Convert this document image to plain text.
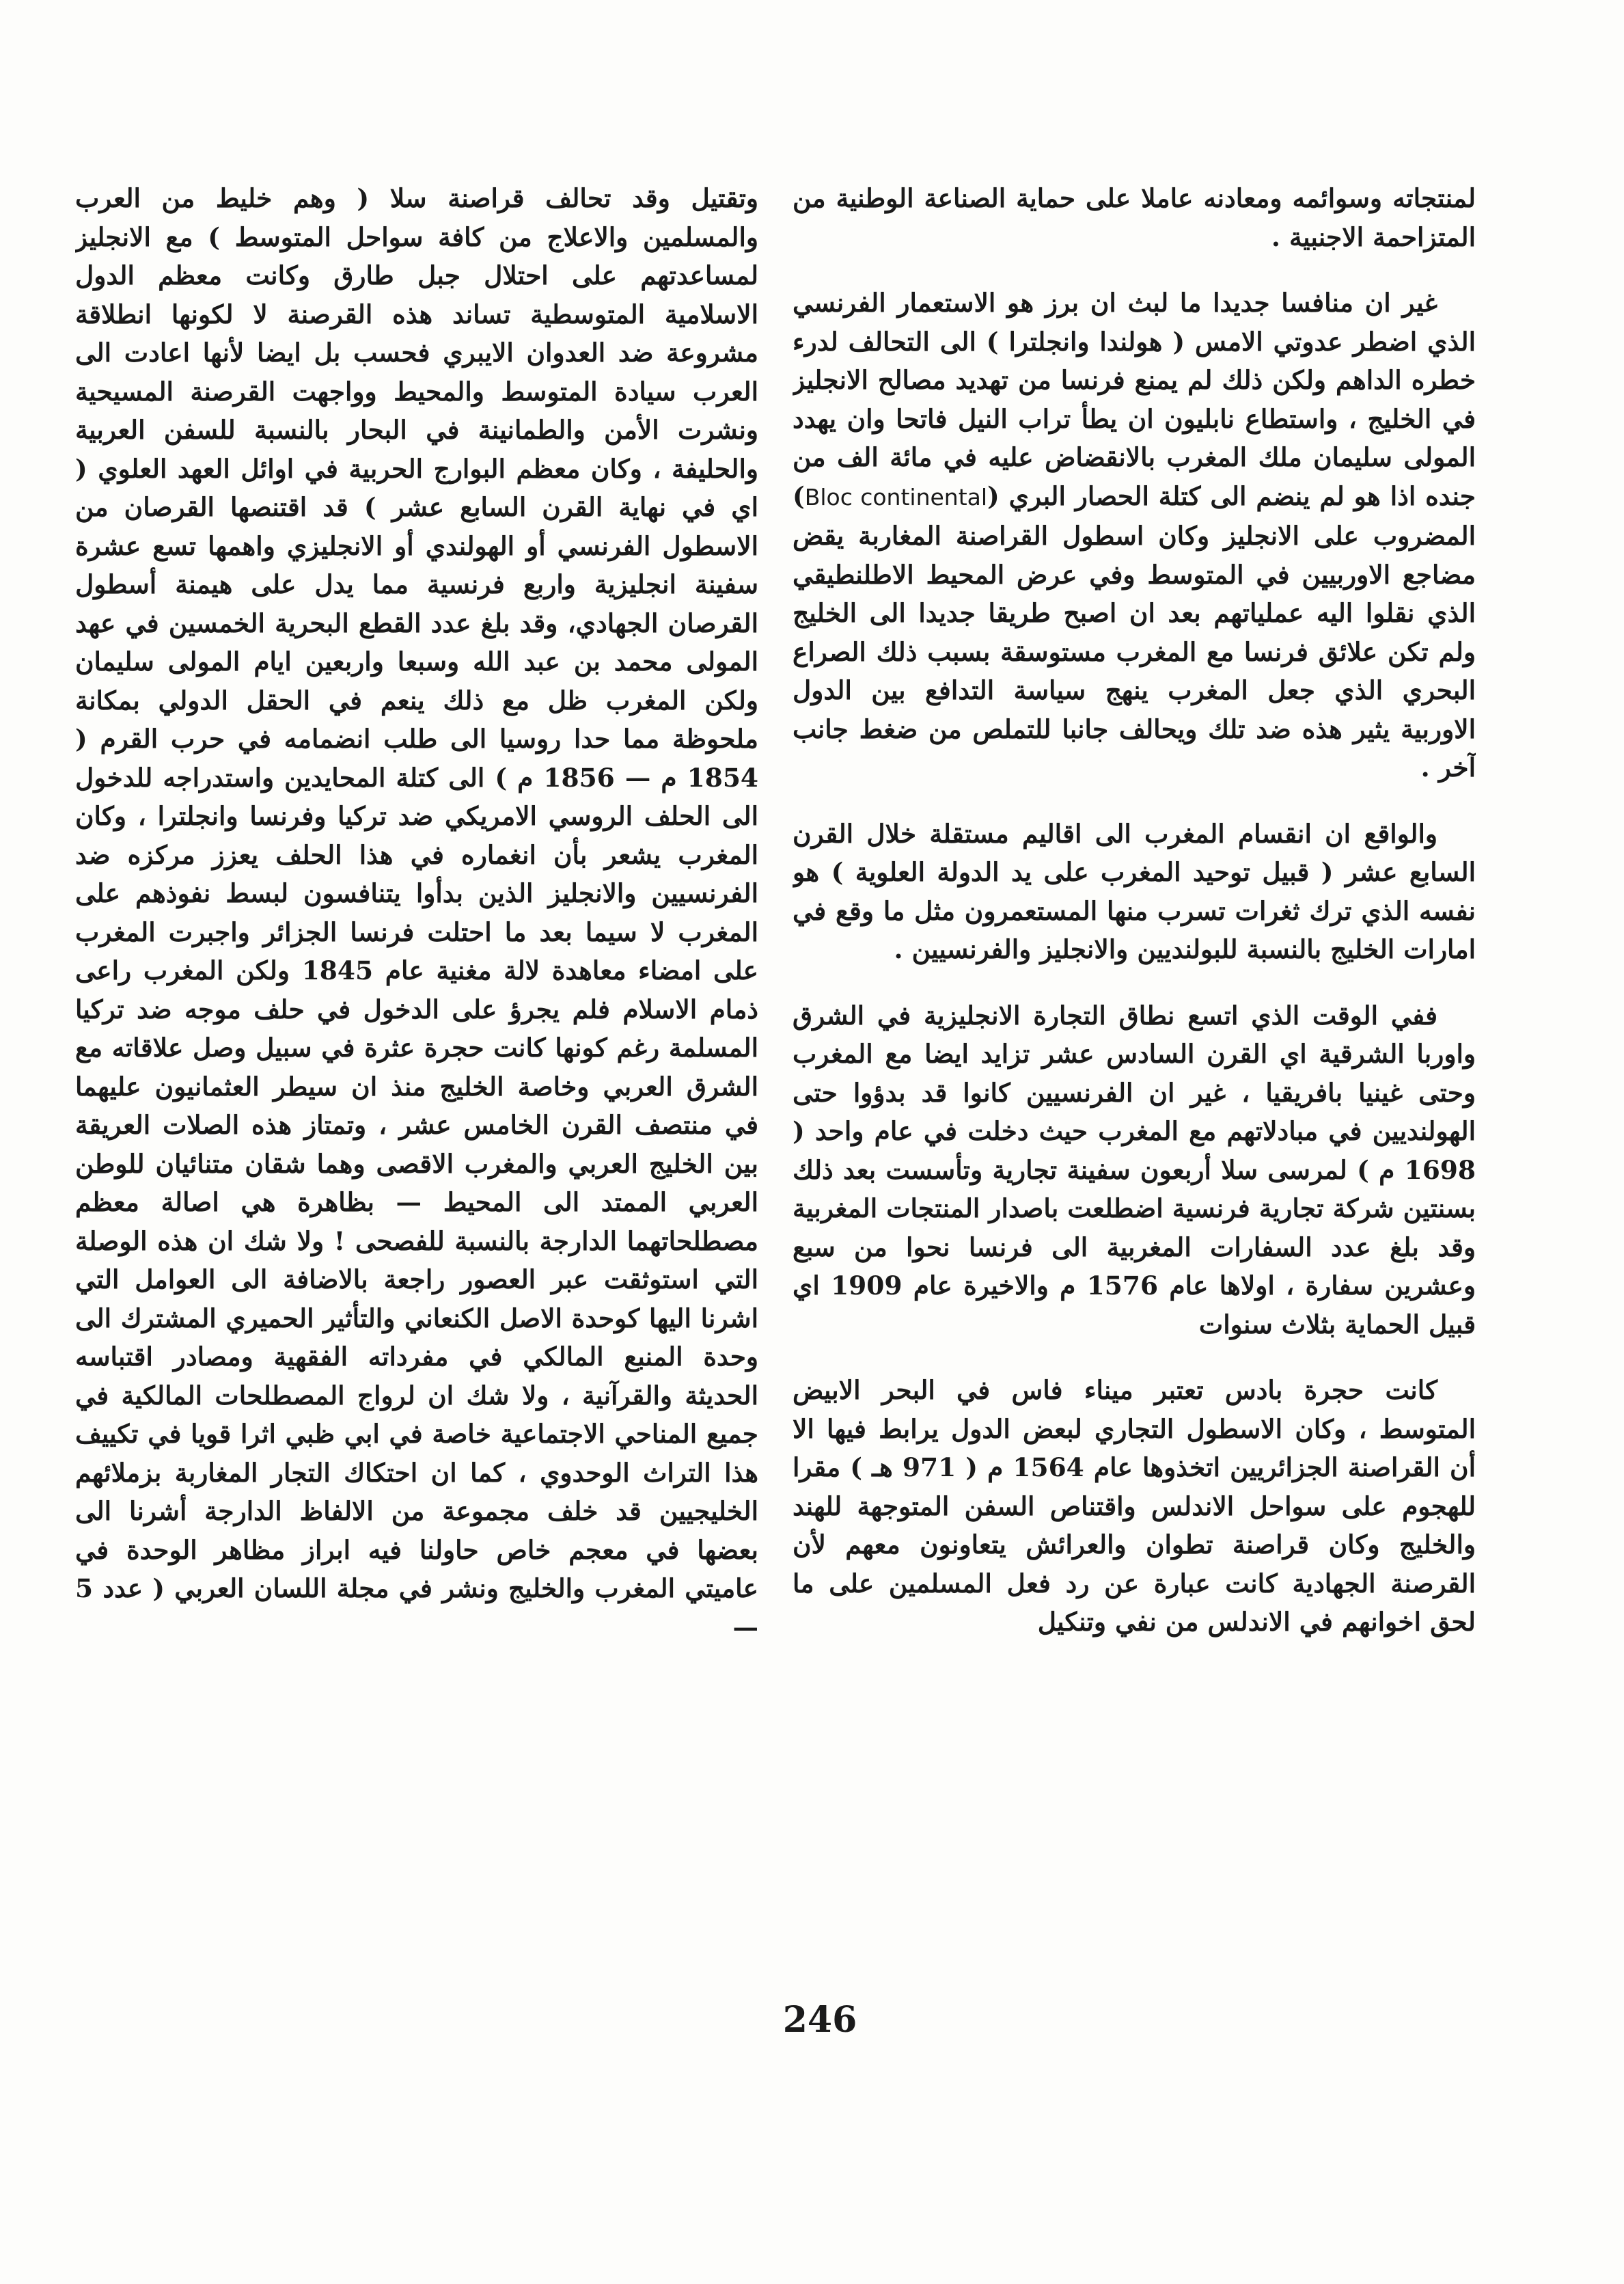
لمنتجاته وسوائمه ومعادنه عاملا على حماية الصناعة الوطنية من المتزاحمة الاجنبية .

غير ان منافسا جديدا ما لبث ان برز هو الاستعمار الفرنسي الذي اضطر عدوتي الامس ( هولندا وانجلترا ) الى التحالف لدرء خطره الداهم ولكن ذلك لم يمنع فرنسا من تهديد مصالح الانجليز في الخليج ، واستطاع نابليون ان يطأ تراب النيل فاتحا وان يهدد المولى سليمان ملك المغرب بالانقضاض عليه في مائة الف من جنده اذا هو لم ينضم الى كتلة الحصار البري (Bloc continental) المضروب على الانجليز وكان اسطول القراصنة المغاربة يقض مضاجع الاوربيين في المتوسط وفي عرض المحيط الاطلنطيقي الذي نقلوا اليه عملياتهم بعد ان اصبح طريقا جديدا الى الخليج ولم تكن علائق فرنسا مع المغرب مستوسقة بسبب ذلك الصراع البحري الذي جعل المغرب ينهج سياسة التدافع بين الدول الاوربية يثير هذه ضد تلك ويحالف جانبا للتملص من ضغط جانب آخر .

والواقع ان انقسام المغرب الى اقاليم مستقلة خلال القرن السابع عشر ( قبيل توحيد المغرب على يد الدولة العلوية ) هو نفسه الذي ترك ثغرات تسرب منها المستعمرون مثل ما وقع في امارات الخليج بالنسبة للبولنديين والانجليز والفرنسيين .

ففي الوقت الذي اتسع نطاق التجارة الانجليزية في الشرق واوربا الشرقية اي القرن السادس عشر تزايد ايضا مع المغرب وحتى غينيا بافريقيا ، غير ان الفرنسيين كانوا قد بدؤوا حتى الهولنديين في مبادلاتهم مع المغرب حيث دخلت في عام واحد ( 1698 م ) لمرسى سلا أربعون سفينة تجارية وتأسست بعد ذلك بسنتين شركة تجارية فرنسية اضطلعت باصدار المنتجات المغربية وقد بلغ عدد السفارات المغربية الى فرنسا نحوا من سبع وعشرين سفارة ، اولاها عام 1576 م والاخيرة عام 1909 اي قبيل الحماية بثلاث سنوات

كانت حجرة بادس تعتبر ميناء فاس في البحر الابيض المتوسط ، وكان الاسطول التجاري لبعض الدول يرابط فيها الا أن القراصنة الجزائريين اتخذوها عام 1564 م ( 971 هـ ) مقرا للهجوم على سواحل الاندلس واقتناص السفن المتوجهة للهند والخليج وكان قراصنة تطوان والعرائش يتعاونون معهم لأن القرصنة الجهادية كانت عبارة عن رد فعل المسلمين على ما لحق اخوانهم في الاندلس من نفي وتنكيل

وتقتيل وقد تحالف قراصنة سلا ( وهم خليط من العرب والمسلمين والاعلاج من كافة سواحل المتوسط ) مع الانجليز لمساعدتهم على احتلال جبل طارق وكانت معظم الدول الاسلامية المتوسطية تساند هذه القرصنة لا لكونها انطلاقة مشروعة ضد العدوان الايبري فحسب بل ايضا لأنها اعادت الى العرب سيادة المتوسط والمحيط وواجهت القرصنة المسيحية ونشرت الأمن والطمانينة في البحار بالنسبة للسفن العربية والحليفة ، وكان معظم البوارج الحربية في اوائل العهد العلوي ( اي في نهاية القرن السابع عشر ) قد اقتنصها القرصان من الاسطول الفرنسي أو الهولندي أو الانجليزي واهمها تسع عشرة سفينة انجليزية واربع فرنسية مما يدل على هيمنة أسطول القرصان الجهادي، وقد بلغ عدد القطع البحرية الخمسين في عهد المولى محمد بن عبد الله وسبعا واربعين ايام المولى سليمان ولكن المغرب ظل مع ذلك ينعم في الحقل الدولي بمكانة ملحوظة مما حدا روسيا الى طلب انضمامه في حرب القرم ( 1854 م — 1856 م ) الى كتلة المحايدين واستدراجه للدخول الى الحلف الروسي الامريكي ضد تركيا وفرنسا وانجلترا ، وكان المغرب يشعر بأن انغماره في هذا الحلف يعزز مركزه ضد الفرنسيين والانجليز الذين بدأوا يتنافسون لبسط نفوذهم على المغرب لا سيما بعد ما احتلت فرنسا الجزائر واجبرت المغرب على امضاء معاهدة لالة مغنية عام 1845 ولكن المغرب راعى ذمام الاسلام فلم يجرؤ على الدخول في حلف موجه ضد تركيا المسلمة رغم كونها كانت حجرة عثرة في سبيل وصل علاقاته مع الشرق العربي وخاصة الخليج منذ ان سيطر العثمانيون عليهما في منتصف القرن الخامس عشر ، وتمتاز هذه الصلات العريقة بين الخليج العربي والمغرب الاقصى وهما شقان متنائيان للوطن العربي الممتد الى المحيط — بظاهرة هي اصالة معظم مصطلحاتهما الدارجة بالنسبة للفصحى ! ولا شك ان هذه الوصلة التي استوثقت عبر العصور راجعة بالاضافة الى العوامل التي اشرنا اليها كوحدة الاصل الكنعاني والتأثير الحميري المشترك الى وحدة المنبع المالكي في مفرداته الفقهية ومصادر اقتباسه الحديثة والقرآنية ، ولا شك ان لرواج المصطلحات المالكية في جميع المناحي الاجتماعية خاصة في ابي ظبي اثرا قويا في تكييف هذا التراث الوحدوي ، كما ان احتكاك التجار المغاربة بزملائهم الخليجيين قد خلف مجموعة من الالفاظ الدارجة أشرنا الى بعضها في معجم خاص حاولنا فيه ابراز مظاهر الوحدة في عاميتي المغرب والخليج ونشر في مجلة اللسان العربي ( عدد 5 —

246
